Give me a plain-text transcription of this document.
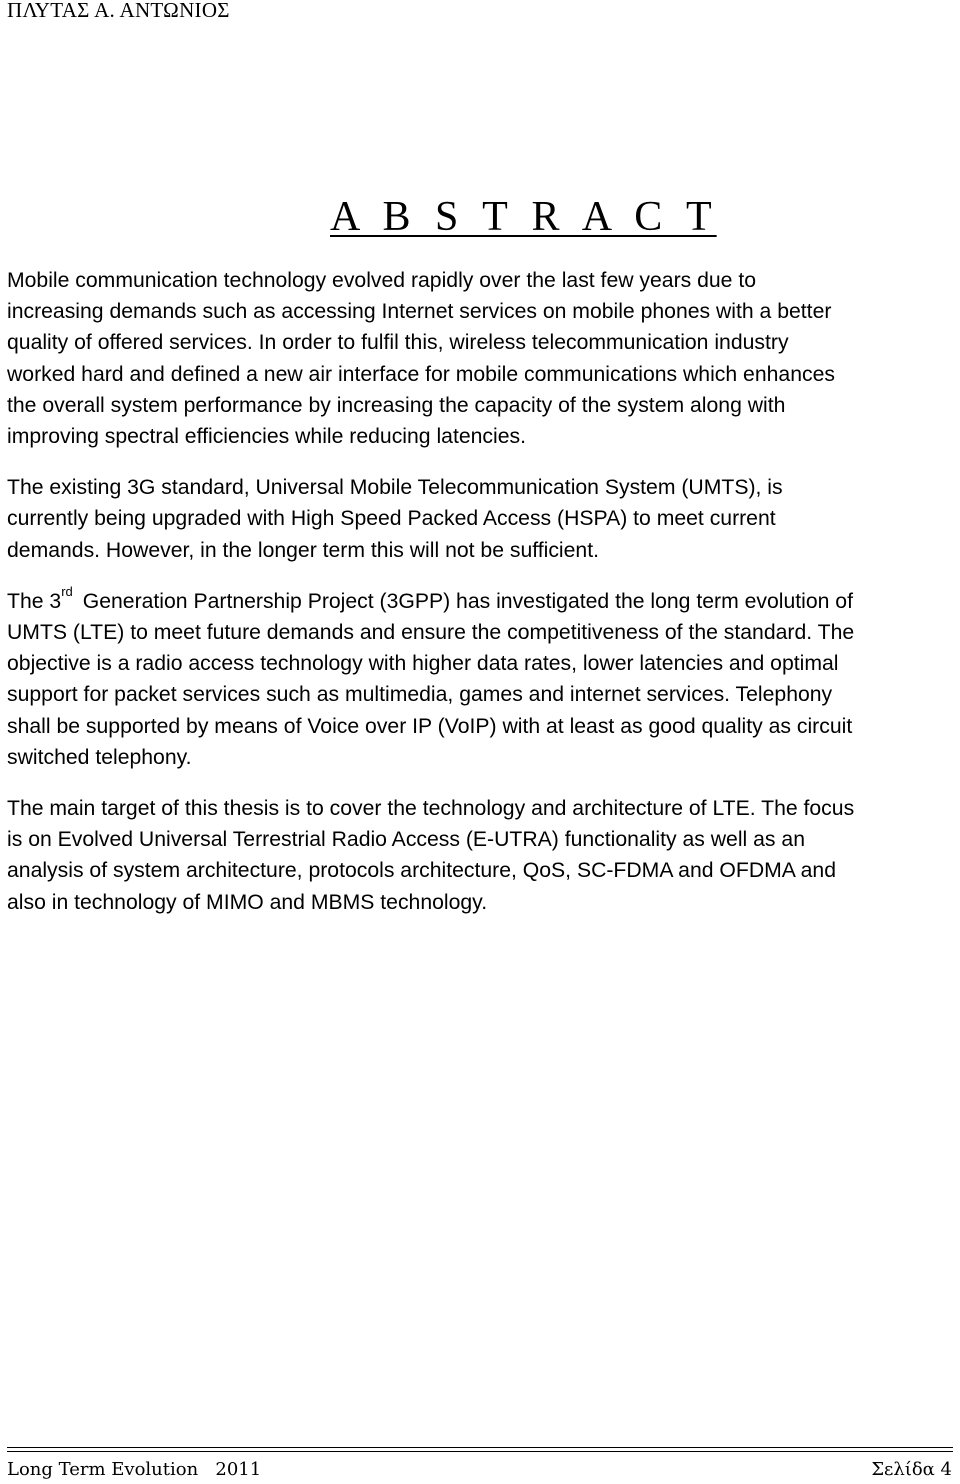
ΠΛΥΤΑΣ Α. ΑΝΤΩΝΙΟΣ
A B S T R A C T
Mobile communication technology evolved rapidly over the last few years due to
increasing demands such as accessing Internet services on mobile phones with a better
quality of offered services. In order to fulfil this, wireless telecommunication industry
worked hard and defined a new air interface for mobile communications which enhances
the overall system performance by increasing the capacity of the system along with
improving spectral efficiencies while reducing latencies.
The existing 3G standard, Universal Mobile Telecommunication System (UMTS), is
currently being upgraded with High Speed Packed Access (HSPA) to meet current
demands. However, in the longer term this will not be sufficient.
The 3rd Generation Partnership Project (3GPP) has investigated the long term evolution of
UMTS (LTE) to meet future demands and ensure the competitiveness of the standard. The
objective is a radio access technology with higher data rates, lower latencies and optimal
support for packet services such as multimedia, games and internet services. Telephony
shall be supported by means of Voice over IP (VoIP) with at least as good quality as circuit
switched telephony.
The main target of this thesis is to cover the technology and architecture of LTE. The focus
is on Evolved Universal Terrestrial Radio Access (E-UTRA) functionality as well as an
analysis of system architecture, protocols architecture, QoS, SC-FDMA and OFDMA and
also in technology of MIMO and MBMS technology.
Long Term Evolution   2011	Σελίδα 4
